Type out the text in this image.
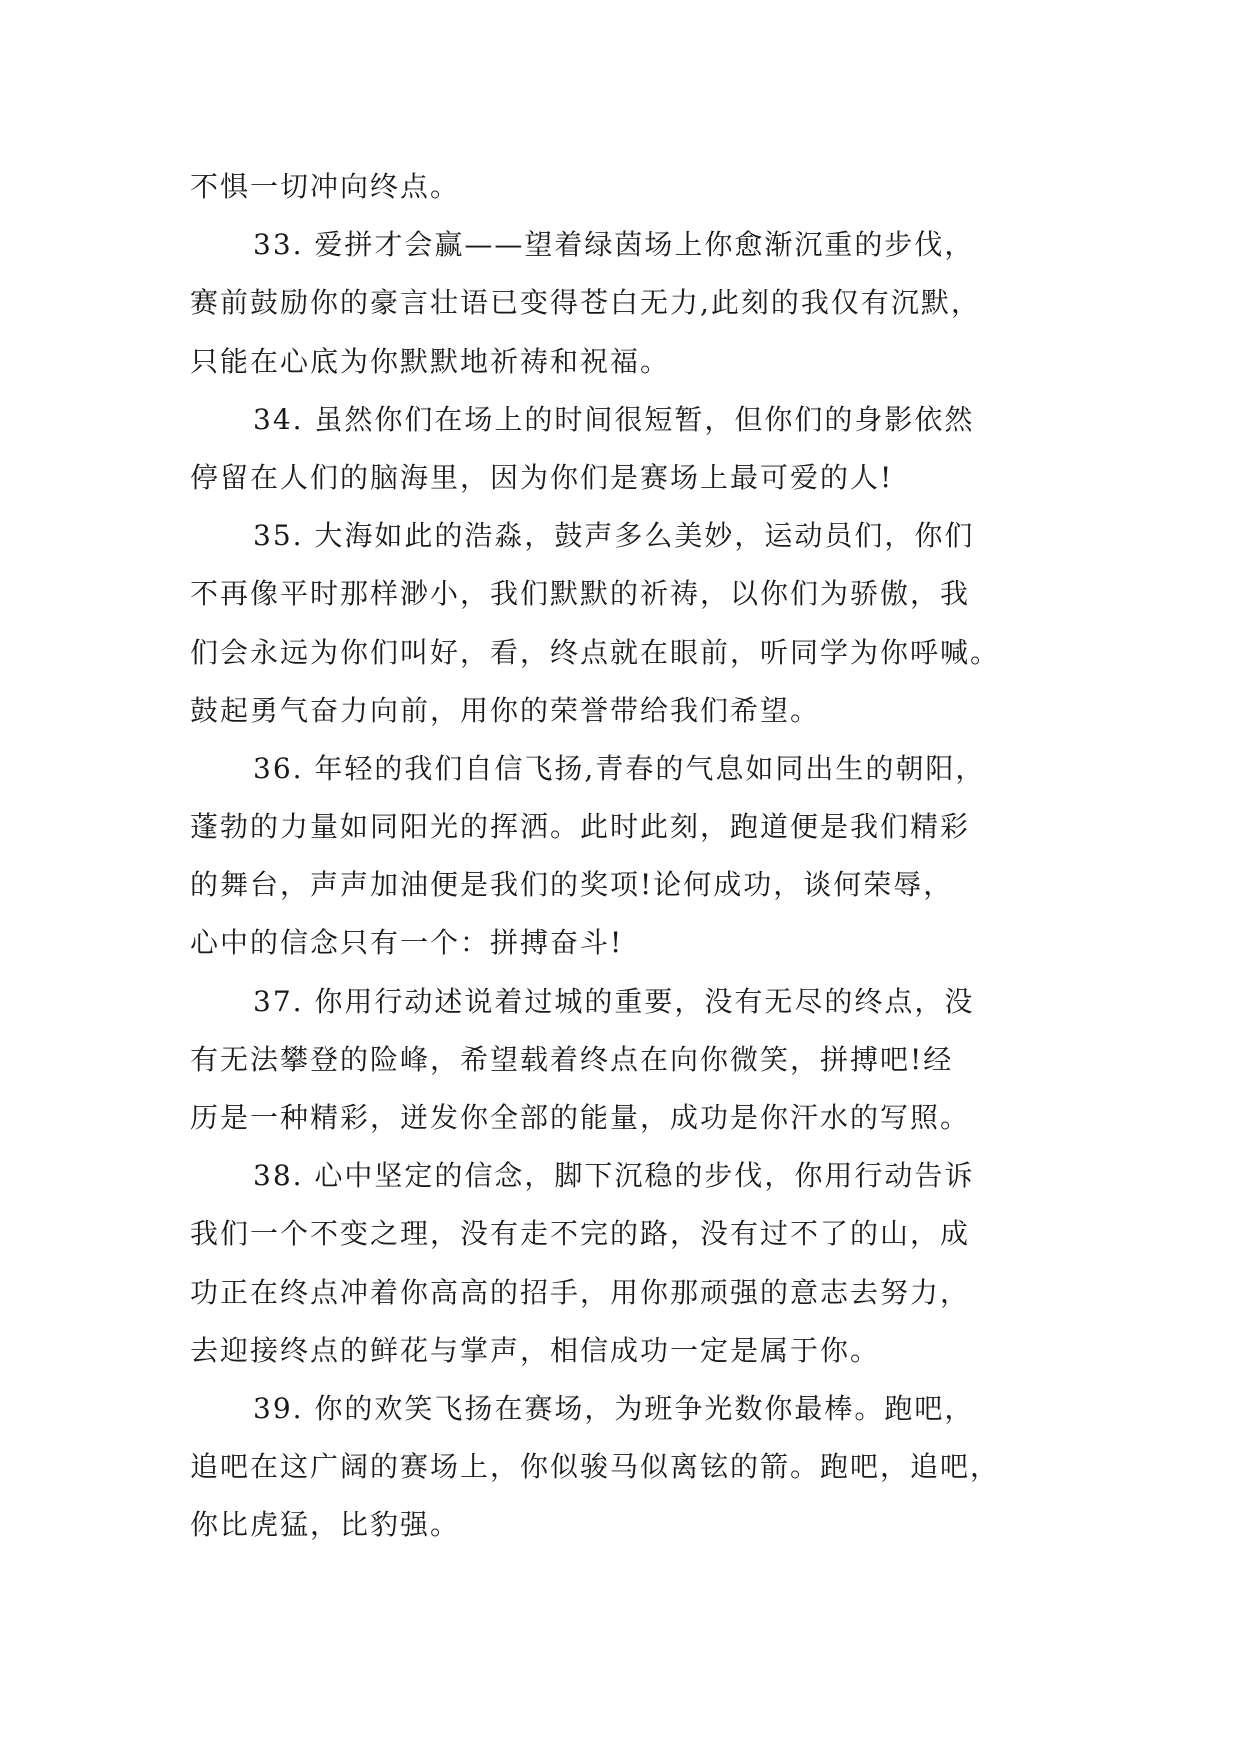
不惧一切冲向终点。
33. 爱拼才会赢——望着绿茵场上你愈渐沉重的步伐，
赛前鼓励你的豪言壮语已变得苍白无力,此刻的我仅有沉默，
只能在心底为你默默地祈祷和祝福。
34. 虽然你们在场上的时间很短暂，但你们的身影依然
停留在人们的脑海里，因为你们是赛场上最可爱的人!
35. 大海如此的浩淼，鼓声多么美妙，运动员们，你们
不再像平时那样渺小，我们默默的祈祷，以你们为骄傲，我
们会永远为你们叫好，看，终点就在眼前，听同学为你呼喊。
鼓起勇气奋力向前，用你的荣誉带给我们希望。
36. 年轻的我们自信飞扬,青春的气息如同出生的朝阳，
蓬勃的力量如同阳光的挥洒。此时此刻，跑道便是我们精彩
的舞台，声声加油便是我们的奖项!论何成功，谈何荣辱，
心中的信念只有一个：拼搏奋斗!
37. 你用行动述说着过城的重要，没有无尽的终点，没
有无法攀登的险峰，希望载着终点在向你微笑，拼搏吧!经
历是一种精彩，迸发你全部的能量，成功是你汗水的写照。
38. 心中坚定的信念，脚下沉稳的步伐，你用行动告诉
我们一个不变之理，没有走不完的路，没有过不了的山，成
功正在终点冲着你高高的招手，用你那顽强的意志去努力，
去迎接终点的鲜花与掌声，相信成功一定是属于你。
39. 你的欢笑飞扬在赛场，为班争光数你最棒。跑吧，
追吧在这广阔的赛场上，你似骏马似离铉的箭。跑吧，追吧，
你比虎猛，比豹强。
